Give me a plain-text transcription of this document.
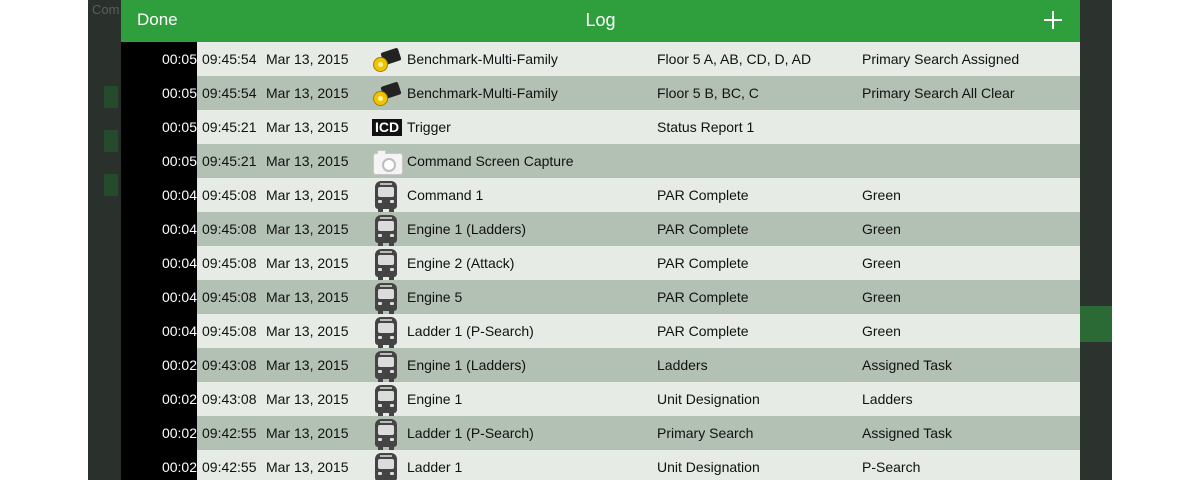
Com
Done	Log
00:05 09:45:54 Mar 13, 2015	Benchmark-Multi-Family	Floor 5 A, AB, CD, D, AD	Primary Search Assigned
00:05 09:45:54 Mar 13, 2015	Benchmark-Multi-Family	Floor 5 B, BC, C	Primary Search All Clear
00:05 09:45:21 Mar 13, 2015 ICD Trigger	Status Report 1
00:05 09:45:21 Mar 13, 2015	Command Screen Capture
00:04 09:45:08 Mar 13, 2015	Command 1	PAR Complete	Green
00:04 09:45:08 Mar 13, 2015	Engine 1 (Ladders)	PAR Complete	Green
00:04 09:45:08 Mar 13, 2015	Engine 2 (Attack)	PAR Complete	Green
00:04 09:45:08 Mar 13, 2015	Engine 5	PAR Complete	Green
00:04 09:45:08 Mar 13, 2015	Ladder 1 (P-Search)	PAR Complete	Green
00:02 09:43:08 Mar 13, 2015	Engine 1 (Ladders)	Ladders	Assigned Task
00:02 09:43:08 Mar 13, 2015	Engine 1	Unit Designation	Ladders
00:02 09:42:55 Mar 13, 2015	Ladder 1 (P-Search)	Primary Search	Assigned Task
00:02 09:42:55 Mar 13, 2015	Ladder 1	Unit Designation	P-Search
